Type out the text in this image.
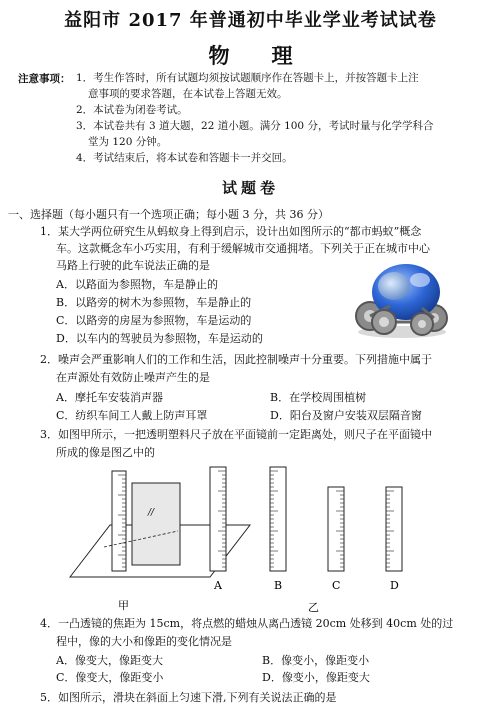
益阳市 2017 年普通初中毕业学业考试试卷
物理
注意事项： 1．考生作答时，所有试题均须按试题顺序作在答题卡上，并按答题卡上注
意事项的要求答题，在本试卷上答题无效。
2．本试卷为闭卷考试。
3．本试卷共有 3 道大题，22 道小题。满分 100 分，考试时量与化学学科合
堂为 120 分钟。
4．考试结束后，将本试卷和答题卡一并交回。
试题卷
一、选择题（每小题只有一个选项正确；每小题 3 分，共 36 分）
1．某大学两位研究生从蚂蚁身上得到启示，设计出如图所示的“都市蚂蚁”概念
车。这款概念车小巧实用，有利于缓解城市交通拥堵。下列关于正在城市中心
马路上行驶的此车说法正确的是
A．以路面为参照物，车是静止的
B．以路旁的树木为参照物，车是静止的
C．以路旁的房屋为参照物，车是运动的
D．以车内的驾驶员为参照物，车是运动的
2．噪声会严重影响人们的工作和生活，因此控制噪声十分重要。下列措施中属于
在声源处有效防止噪声产生的是
A．摩托车安装消声器	B．在学校周围植树
C．纺织车间工人戴上防声耳罩	D．阳台及窗户安装双层隔音窗
3．如图甲所示，一把透明塑料尺子放在平面镜前一定距离处，则尺子在平面镜中
所成的像是图乙中的
//
A	B	C	D
甲	乙
4．一凸透镜的焦距为 15cm，将点燃的蜡烛从离凸透镜 20cm 处移到 40cm 处的过
程中，像的大小和像距的变化情况是
A．像变大，像距变大	B．像变小，像距变小
C．像变大，像距变小	D．像变小，像距变大
5．如图所示，滑块在斜面上匀速下滑,下列有关说法正确的是
